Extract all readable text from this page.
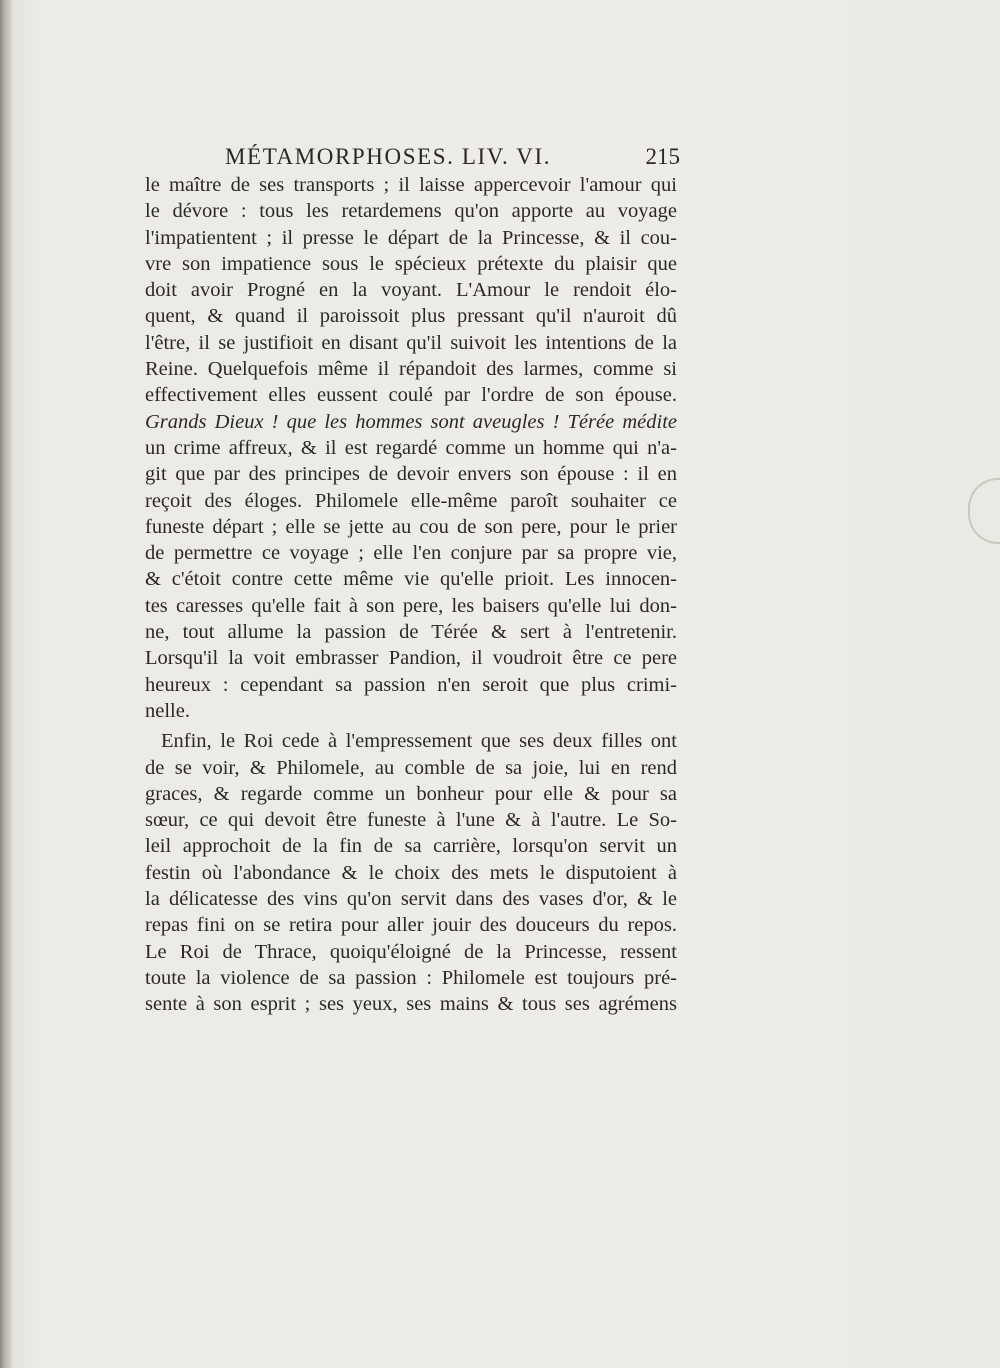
MÉTAMORPHOSES. LIV. VI.	215
le maître de ses transports ; il laisse appercevoir l'amour qui
le dévore : tous les retardemens qu'on apporte au voyage
l'impatientent ; il presse le départ de la Princesse, & il cou-
vre son impatience sous le spécieux prétexte du plaisir que
doit avoir Progné en la voyant. L'Amour le rendoit élo-
quent, & quand il paroissoit plus pressant qu'il n'auroit dû
l'être, il se justifioit en disant qu'il suivoit les intentions de la
Reine. Quelquefois même il répandoit des larmes, comme si
effectivement elles eussent coulé par l'ordre de son épouse.
Grands Dieux ! que les hommes sont aveugles ! Térée médite
un crime affreux, & il est regardé comme un homme qui n'a-
git que par des principes de devoir envers son épouse : il en
reçoit des éloges. Philomele elle-même paroît souhaiter ce
funeste départ ; elle se jette au cou de son pere, pour le prier
de permettre ce voyage ; elle l'en conjure par sa propre vie,
& c'étoit contre cette même vie qu'elle prioit. Les innocen-
tes caresses qu'elle fait à son pere, les baisers qu'elle lui don-
ne, tout allume la passion de Térée & sert à l'entretenir.
Lorsqu'il la voit embrasser Pandion, il voudroit être ce pere
heureux : cependant sa passion n'en seroit que plus crimi-
nelle.
Enfin, le Roi cede à l'empressement que ses deux filles ont
de se voir, & Philomele, au comble de sa joie, lui en rend
graces, & regarde comme un bonheur pour elle & pour sa
sœur, ce qui devoit être funeste à l'une & à l'autre. Le So-
leil approchoit de la fin de sa carrière, lorsqu'on servit un
festin où l'abondance & le choix des mets le disputoient à
la délicatesse des vins qu'on servit dans des vases d'or, & le
repas fini on se retira pour aller jouir des douceurs du repos.
Le Roi de Thrace, quoiqu'éloigné de la Princesse, ressent
toute la violence de sa passion : Philomele est toujours pré-
sente à son esprit ; ses yeux, ses mains & tous ses agrémens
